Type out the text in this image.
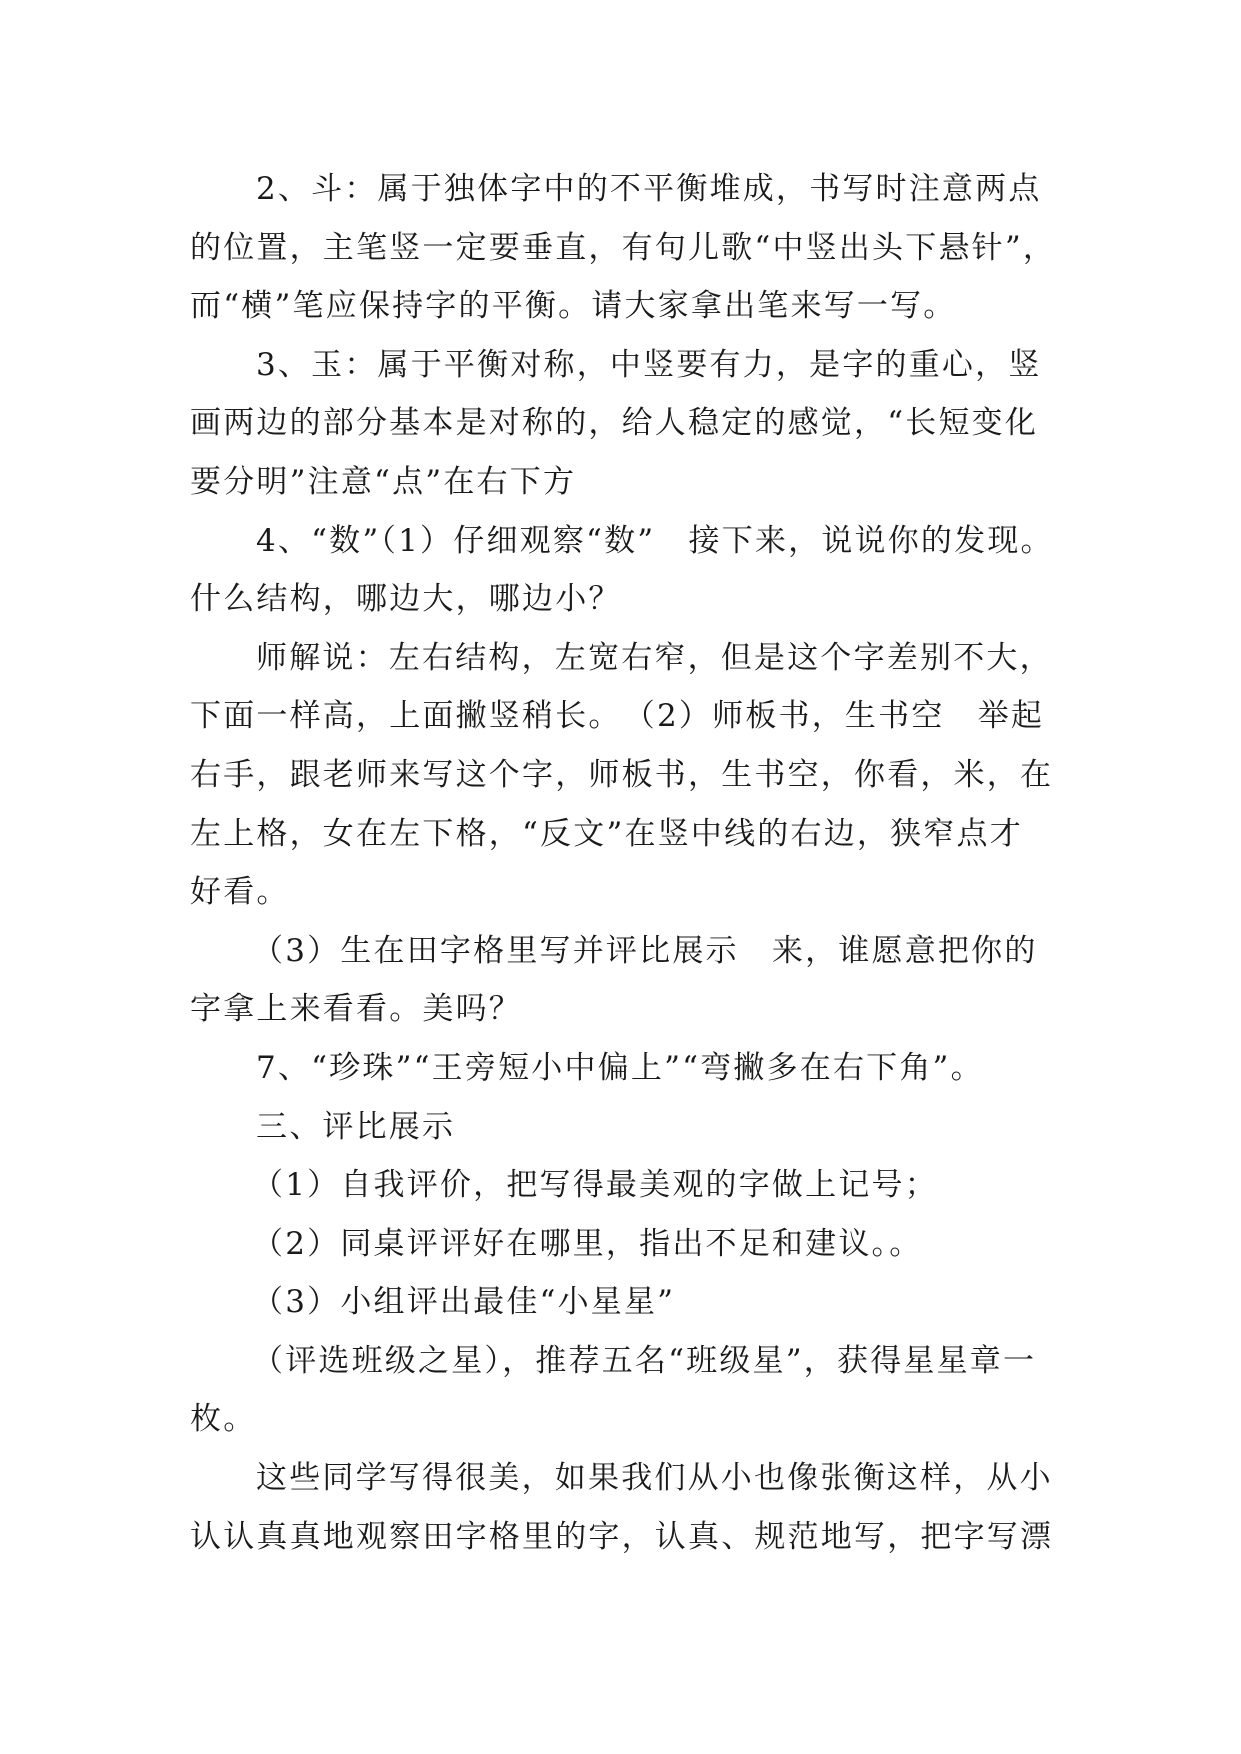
2、斗：属于独体字中的不平衡堆成，书写时注意两点
的位置，主笔竖一定要垂直，有句儿歌“中竖出头下悬针”，
而“横”笔应保持字的平衡。请大家拿出笔来写一写。
3、玉：属于平衡对称，中竖要有力，是字的重心，竖
画两边的部分基本是对称的，给人稳定的感觉，“长短变化
要分明”注意“点”在右下方
4、“数”（1）仔细观察“数”　接下来，说说你的发现。
什么结构，哪边大，哪边小？
师解说：左右结构，左宽右窄，但是这个字差别不大，
下面一样高，上面撇竖稍长。　（2）师板书，生书空　举起
右手，跟老师来写这个字，师板书，生书空，你看，米，在
左上格，女在左下格，“反文”在竖中线的右边，狭窄点才
好看。
（3）生在田字格里写并评比展示　来，谁愿意把你的
字拿上来看看。美吗？
7、“珍珠”“王旁短小中偏上”“弯撇多在右下角”。
三、评比展示
（1）自我评价，把写得最美观的字做上记号；
（2）同桌评评好在哪里，指出不足和建议。。
（3）小组评出最佳“小星星”
（评选班级之星），推荐五名“班级星”，获得星星章一
枚。
这些同学写得很美，如果我们从小也像张衡这样，从小
认认真真地观察田字格里的字，认真、规范地写，把字写漂
